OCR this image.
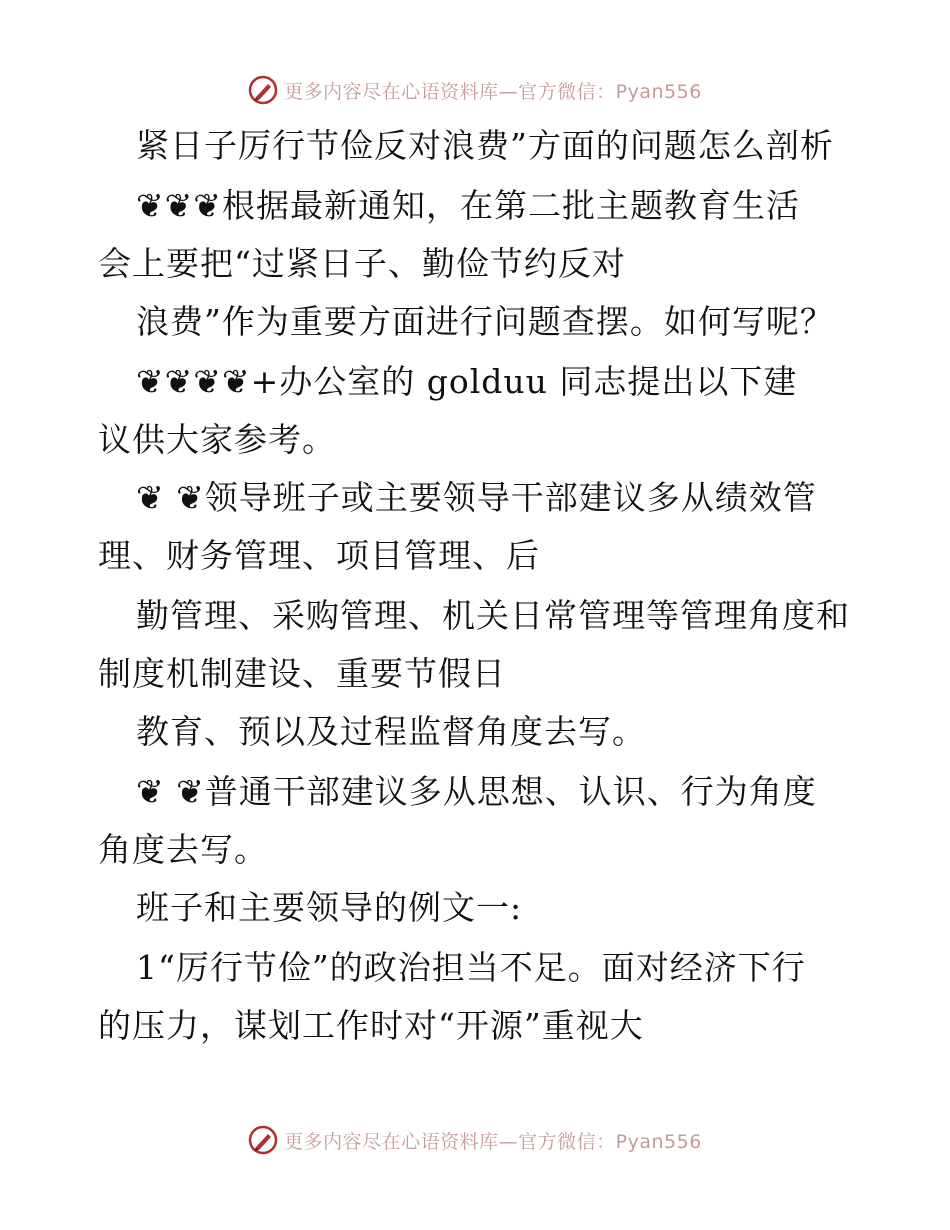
更多内容尽在心语资料库—官方微信：Pyan556
紧日子厉行节俭反对浪费”方面的问题怎么剖析
❦❦❦根据最新通知，在第二批主题教育生活
会上要把“过紧日子、勤俭节约反对
浪费”作为重要方面进行问题查摆。如何写呢？
❦❦❦❦+办公室的 golduu 同志提出以下建
议供大家参考。
❦ ❦领导班子或主要领导干部建议多从绩效管
理、财务管理、项目管理、后
勤管理、采购管理、机关日常管理等管理角度和
制度机制建设、重要节假日
教育、预以及过程监督角度去写。
❦ ❦普通干部建议多从思想、认识、行为角度
角度去写。
班子和主要领导的例文一:
1“厉行节俭”的政治担当不足。面对经济下行
的压力，谋划工作时对“开源”重视大
更多内容尽在心语资料库—官方微信：Pyan556
